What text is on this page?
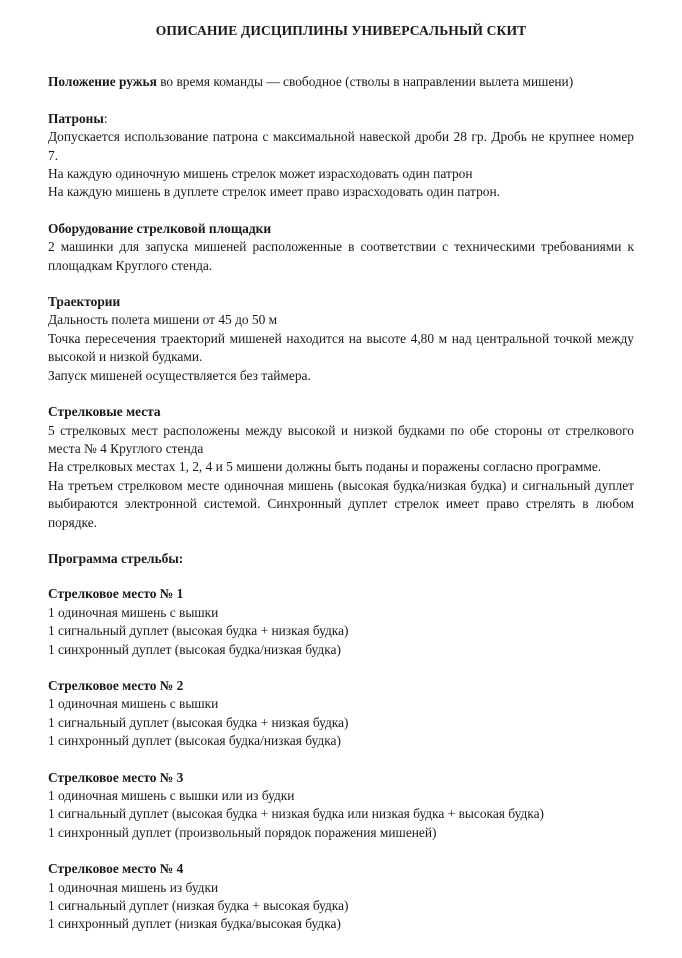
ОПИСАНИЕ ДИСЦИПЛИНЫ УНИВЕРСАЛЬНЫЙ СКИТ

Положение ружья во время команды — свободное (стволы в направлении вылета мишени)

Патроны:

Допускается использование патрона с максимальной навеской дроби 28 гр. Дробь не крупнее номер 7.

На каждую одиночную мишень стрелок может израсходовать один патрон

На каждую мишень в дуплете стрелок имеет право израсходовать один патрон.

Оборудование стрелковой площадки

2 машинки для запуска мишеней расположенные в соответствии с техническими требованиями к площадкам Круглого стенда.

Траектории

Дальность полета мишени от 45 до 50 м

Точка пересечения траекторий мишеней находится на высоте 4,80 м над центральной точкой между высокой и низкой будками.

Запуск мишеней осуществляется без таймера.

Стрелковые места

5 стрелковых мест расположены между высокой и низкой будками по обе стороны от стрелкового места № 4 Круглого стенда

На стрелковых местах 1, 2, 4 и 5 мишени должны быть поданы и поражены согласно программе.

На третьем стрелковом месте одиночная мишень (высокая будка/низкая будка) и сигнальный дуплет выбираются электронной системой. Синхронный дуплет стрелок имеет право стрелять в любом порядке.

Программа стрельбы:

Стрелковое место № 1

1 одиночная мишень с вышки

1 сигнальный дуплет (высокая будка + низкая будка)

1 синхронный дуплет (высокая будка/низкая будка)

Стрелковое место № 2

1 одиночная мишень с вышки

1 сигнальный дуплет (высокая будка + низкая будка)

1 синхронный дуплет (высокая будка/низкая будка)

Стрелковое место № 3

1 одиночная мишень с вышки или из будки

1 сигнальный дуплет (высокая будка + низкая будка или низкая будка + высокая будка)

1 синхронный дуплет (произвольный порядок поражения мишеней)

Стрелковое место № 4

1 одиночная мишень из будки

1 сигнальный дуплет (низкая будка + высокая будка)

1 синхронный дуплет (низкая будка/высокая будка)
